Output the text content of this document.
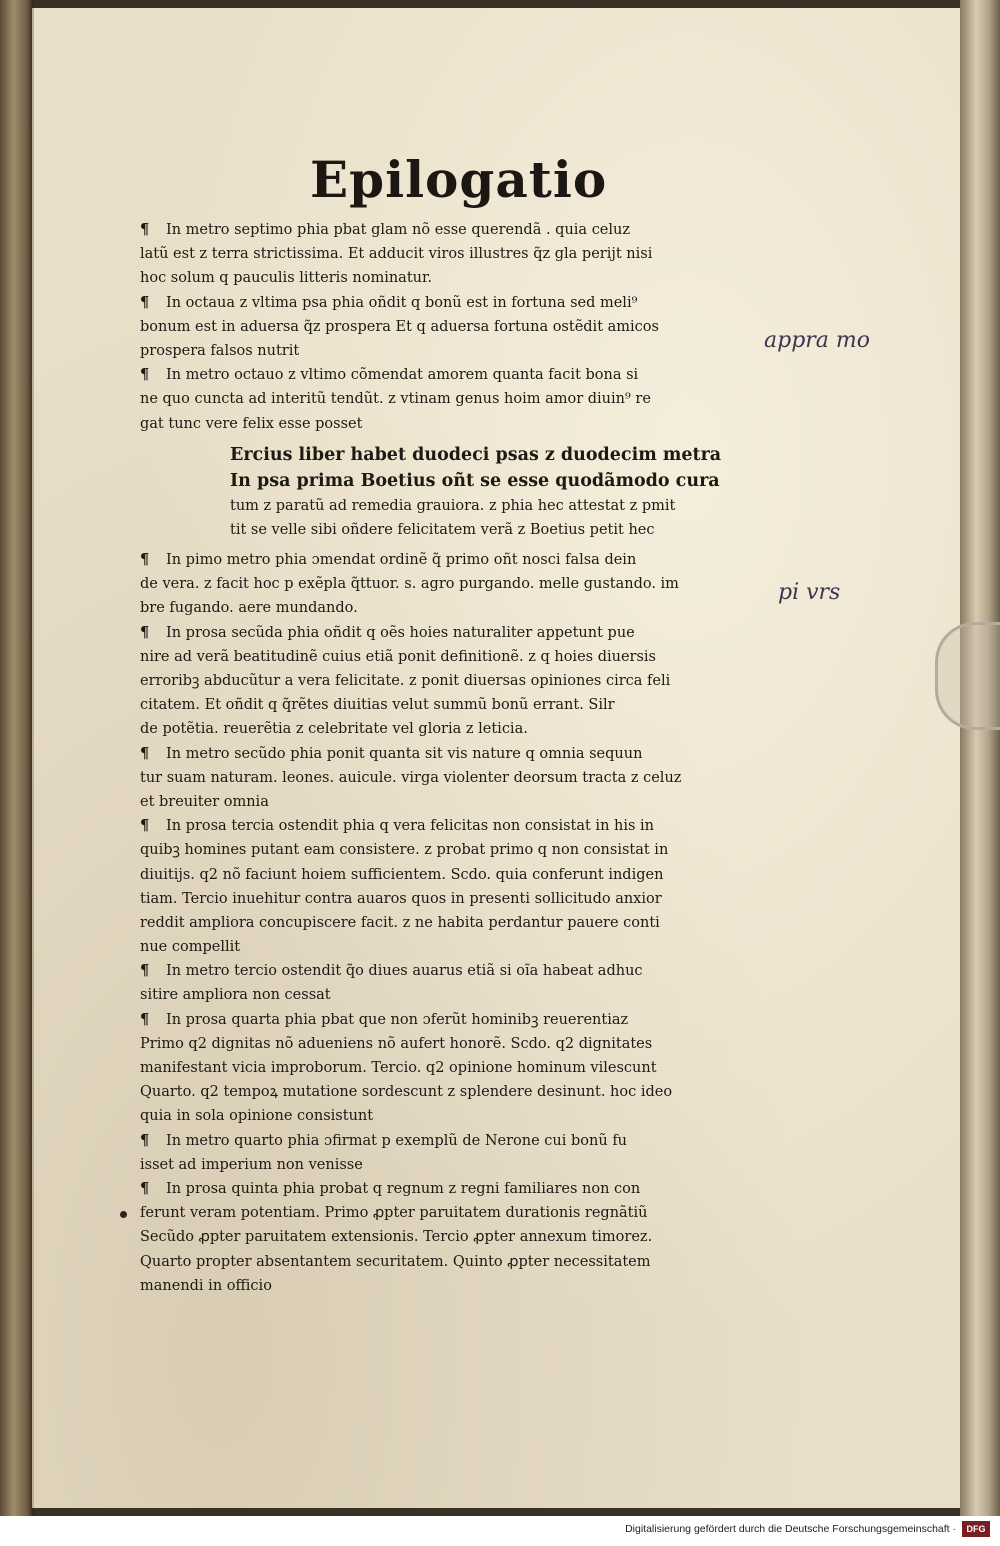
Epilogatio
¶ In metro septimo phia pbat glam nõ esse querendã . quia celuz
latũ est z terra strictissima. Et adducit viros illustres q̃z gla perijt nisi
hoc solum q pauculis litteris nominatur.
¶ In octaua z vltima psa phia oñdit q bonũ est in fortuna sed meli⁹
bonum est in aduersa q̃z prospera Et q aduersa fortuna ostẽdit amicos
prospera falsos nutrit
¶ In metro octauo z vltimo cõmendat amorem quanta facit bona si
ne quo cuncta ad interitũ tendũt. z vtinam genus hoim amor diuin⁹ re
gat tunc vere felix esse posset
Ercius liber habet duodeci psas z duodecim metra
In psa prima Boetius oñt se esse quodãmodo cura
tum z paratũ ad remedia grauiora. z phia hec attestat z pmit
tit se velle sibi oñdere felicitatem verã z Boetius petit hec
¶ In pimo metro phia ɔmendat ordinẽ q̃ primo oñt nosci falsa dein
de vera. z facit hoc p exẽpla q̃ttuor. s. agro purgando. melle gustando. im
bre fugando. aere mundando.
¶ In prosa secũda phia oñdit q oẽs hoies naturaliter appetunt pue
nire ad verã beatitudinẽ cuius etiã ponit definitionẽ. z q hoies diuersis
erroribꝫ abducũtur a vera felicitate. z ponit diuersas opiniones circa feli
citatem. Et oñdit q q̃rẽtes diuitias velut summũ bonũ errant. Silr
de potẽtia. reuerẽtia z celebritate vel gloria z leticia.
¶ In metro secũdo phia ponit quanta sit vis nature q omnia sequun
tur suam naturam. leones. auicule. virga violenter deorsum tracta z celuz
et breuiter omnia
¶ In prosa tercia ostendit phia q vera felicitas non consistat in his in
quibꝫ homines putant eam consistere. z probat primo q non consistat in
diuitijs. q2 nõ faciunt hoiem sufficientem. Scdo. quia conferunt indigen
tiam. Tercio inuehitur contra auaros quos in presenti sollicitudo anxior
reddit ampliora concupiscere facit. z ne habita perdantur pauere conti
nue compellit
¶ In metro tercio ostendit q̃o diues auarus etiã si oĩa habeat adhuc
sitire ampliora non cessat
¶ In prosa quarta phia pbat que non ɔferũt hominibꝫ reuerentiaz
Primo q2 dignitas nõ adueniens nõ aufert honorẽ. Scdo. q2 dignitates
manifestant vicia improborum. Tercio. q2 opinione hominum vilescunt
Quarto. q2 tempoꝝ mutatione sordescunt z splendere desinunt. hoc ideo
quia in sola opinione consistunt
¶ In metro quarto phia ɔfirmat p exemplũ de Nerone cui bonũ fu
isset ad imperium non venisse
¶ In prosa quinta phia probat q regnum z regni familiares non con
ferunt veram potentiam. Primo ꝓpter paruitatem durationis regnãtiũ
Secũdo ꝓpter paruitatem extensionis. Tercio ꝓpter annexum timorez.
Quarto propter absentantem securitatem. Quinto ꝓpter necessitatem
manendi in officio
appra mo
pi vrs
Digitalisierung gefördert durch die Deutsche Forschungsgemeinschaft ·	DFG
